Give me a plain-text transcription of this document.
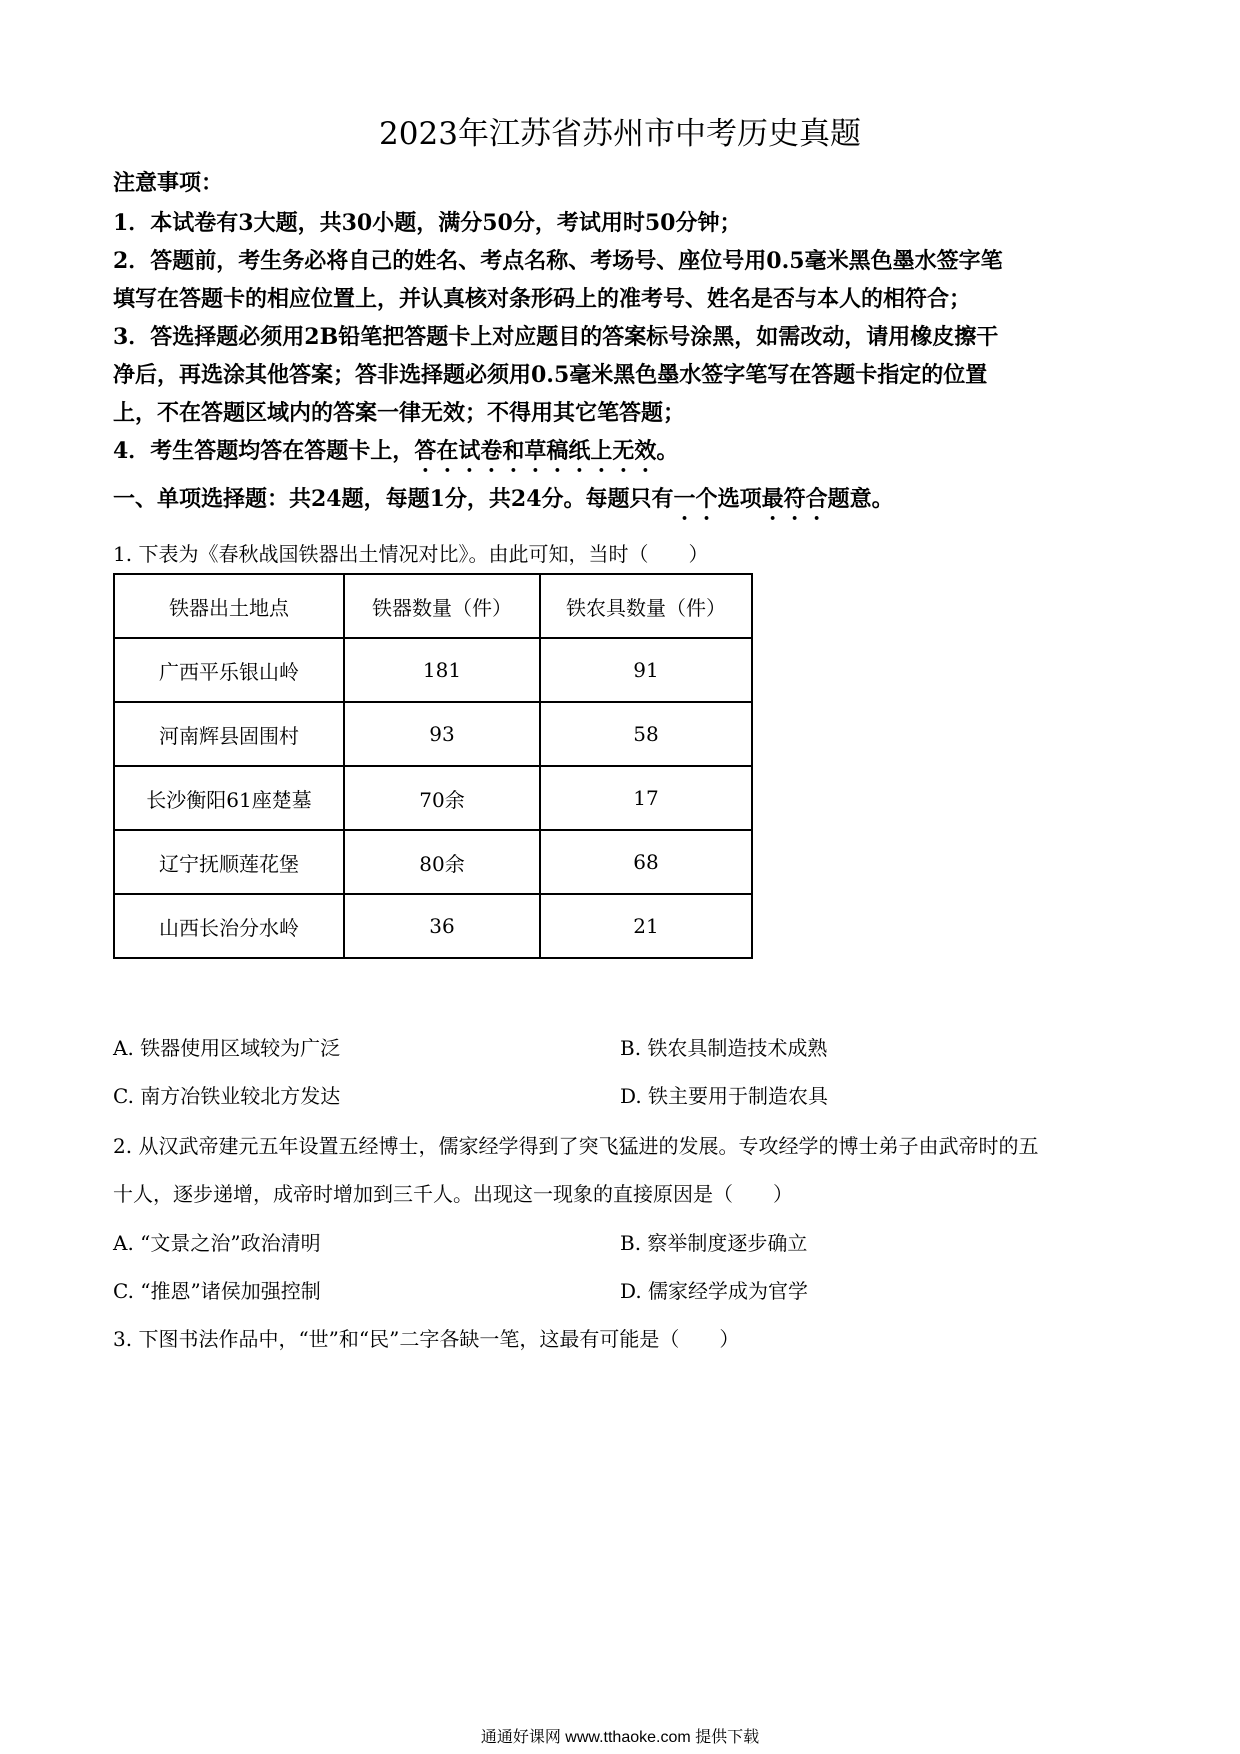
2023年江苏省苏州市中考历史真题
注意事项：
1．本试卷有3大题，共30小题，满分50分，考试用时50分钟；
2．答题前，考生务必将自己的姓名、考点名称、考场号、座位号用0.5毫米黑色墨水签字笔
填写在答题卡的相应位置上，并认真核对条形码上的准考号、姓名是否与本人的相符合；
3．答选择题必须用2B铅笔把答题卡上对应题目的答案标号涂黑，如需改动，请用橡皮擦干
净后，再选涂其他答案；答非选择题必须用0.5毫米黑色墨水签字笔写在答题卡指定的位置
上，不在答题区域内的答案一律无效；不得用其它笔答题；
4．考生答题均答在答题卡上，答在试卷和草稿纸上无效。
一、单项选择题：共24题，每题1分，共24分。每题只有一个选项最符合题意。
1. 下表为《春秋战国铁器出土情况对比》。由此可知，当时（　　）
铁器出土地点	铁器数量（件）	铁农具数量（件）
广西平乐银山岭	181	91
河南辉县固围村	93	58
长沙衡阳61座楚墓	70余	17
辽宁抚顺莲花堡	80余	68
山西长治分水岭	36	21
A. 铁器使用区域较为广泛	B. 铁农具制造技术成熟
C. 南方冶铁业较北方发达	D. 铁主要用于制造农具
2. 从汉武帝建元五年设置五经博士，儒家经学得到了突飞猛进的发展。专攻经学的博士弟子由武帝时的五
十人，逐步递增，成帝时增加到三千人。出现这一现象的直接原因是（　　）
A. “文景之治”政治清明	B. 察举制度逐步确立
C. “推恩”诸侯加强控制	D. 儒家经学成为官学
3. 下图书法作品中，“世”和“民”二字各缺一笔，这最有可能是（　　）
通通好课网 www.tthaoke.com 提供下载
